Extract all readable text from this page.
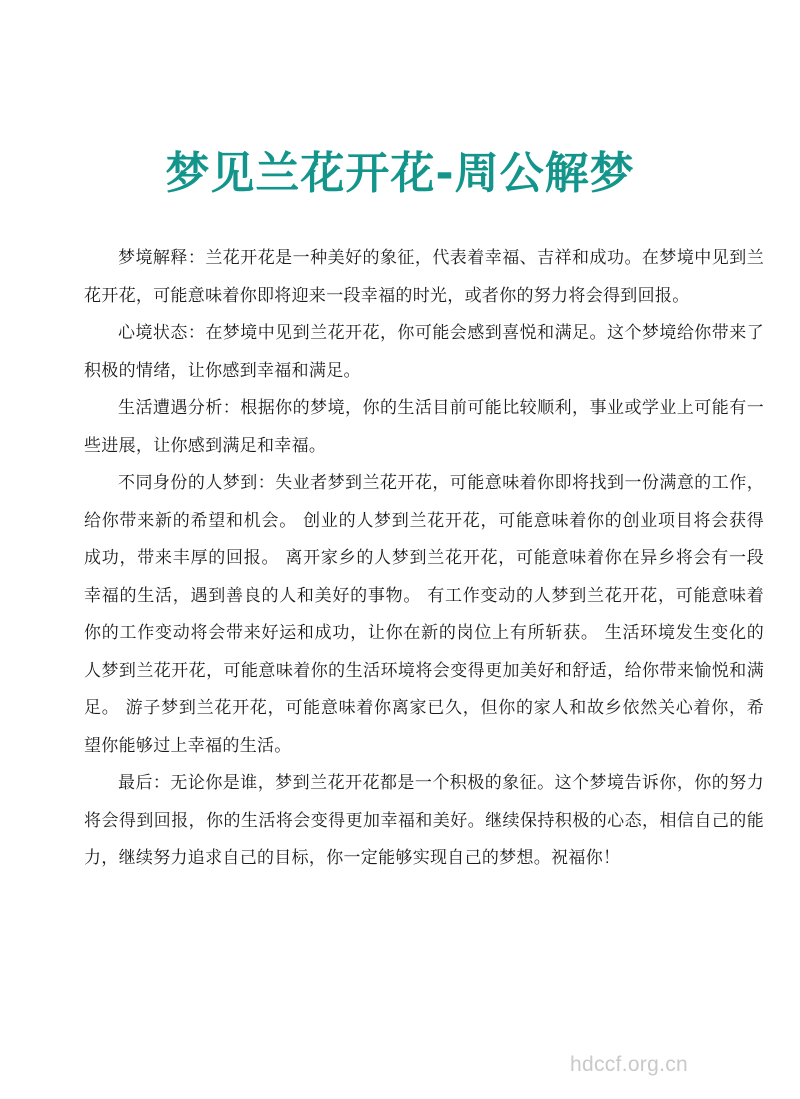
梦见兰花开花-周公解梦

梦境解释：兰花开花是一种美好的象征，代表着幸福、吉祥和成功。在梦境中见到兰花开花，可能意味着你即将迎来一段幸福的时光，或者你的努力将会得到回报。

心境状态：在梦境中见到兰花开花，你可能会感到喜悦和满足。这个梦境给你带来了积极的情绪，让你感到幸福和满足。

生活遭遇分析：根据你的梦境，你的生活目前可能比较顺利，事业或学业上可能有一些进展，让你感到满足和幸福。

不同身份的人梦到：失业者梦到兰花开花，可能意味着你即将找到一份满意的工作，给你带来新的希望和机会。 创业的人梦到兰花开花，可能意味着你的创业项目将会获得成功，带来丰厚的回报。 离开家乡的人梦到兰花开花，可能意味着你在异乡将会有一段幸福的生活，遇到善良的人和美好的事物。 有工作变动的人梦到兰花开花，可能意味着你的工作变动将会带来好运和成功，让你在新的岗位上有所斩获。 生活环境发生变化的人梦到兰花开花，可能意味着你的生活环境将会变得更加美好和舒适，给你带来愉悦和满足。 游子梦到兰花开花，可能意味着你离家已久，但你的家人和故乡依然关心着你，希望你能够过上幸福的生活。

最后：无论你是谁，梦到兰花开花都是一个积极的象征。这个梦境告诉你，你的努力将会得到回报，你的生活将会变得更加幸福和美好。继续保持积极的心态，相信自己的能力，继续努力追求自己的目标，你一定能够实现自己的梦想。祝福你！

hdccf.org.cn
